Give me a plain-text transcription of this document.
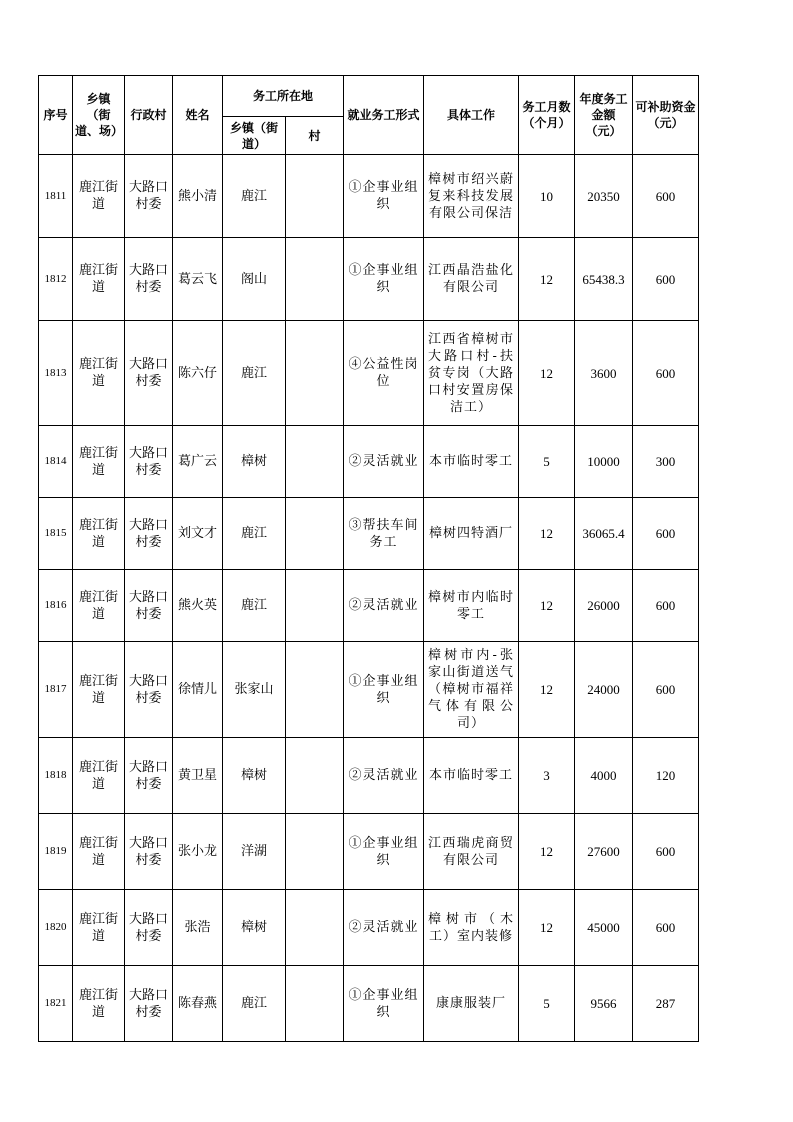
序号	乡镇（街道、场）	行政村	姓名	务工所在地		就业务工形式	具体工作	务工月数（个月）	年度务工金额（元）	可补助资金（元）
				乡镇（街道）	村					
1811	鹿江街道	大路口村委	熊小清	鹿江		①企事业组织	樟树市绍兴蔚复来科技发展有限公司保洁	10	20350	600
1812	鹿江街道	大路口村委	葛云飞	阁山		①企事业组织	江西晶浩盐化有限公司	12	65438.3	600
1813	鹿江街道	大路口村委	陈六仔	鹿江		④公益性岗位	江西省樟树市大路口村-扶贫专岗（大路口村安置房保洁工）	12	3600	600
1814	鹿江街道	大路口村委	葛广云	樟树		②灵活就业	本市临时零工	5	10000	300
1815	鹿江街道	大路口村委	刘文才	鹿江		③帮扶车间务工	樟树四特酒厂	12	36065.4	600
1816	鹿江街道	大路口村委	熊火英	鹿江		②灵活就业	樟树市内临时零工	12	26000	600
1817	鹿江街道	大路口村委	徐情儿	张家山		①企事业组织	樟树市内-张家山街道送气（樟树市福祥气体有限公司）	12	24000	600
1818	鹿江街道	大路口村委	黄卫星	樟树		②灵活就业	本市临时零工	3	4000	120
1819	鹿江街道	大路口村委	张小龙	洋湖		①企事业组织	江西瑞虎商贸有限公司	12	27600	600
1820	鹿江街道	大路口村委	张浩	樟树		②灵活就业	樟树市（木工）室内装修	12	45000	600
1821	鹿江街道	大路口村委	陈春燕	鹿江		①企事业组织	康康服装厂	5	9566	287
